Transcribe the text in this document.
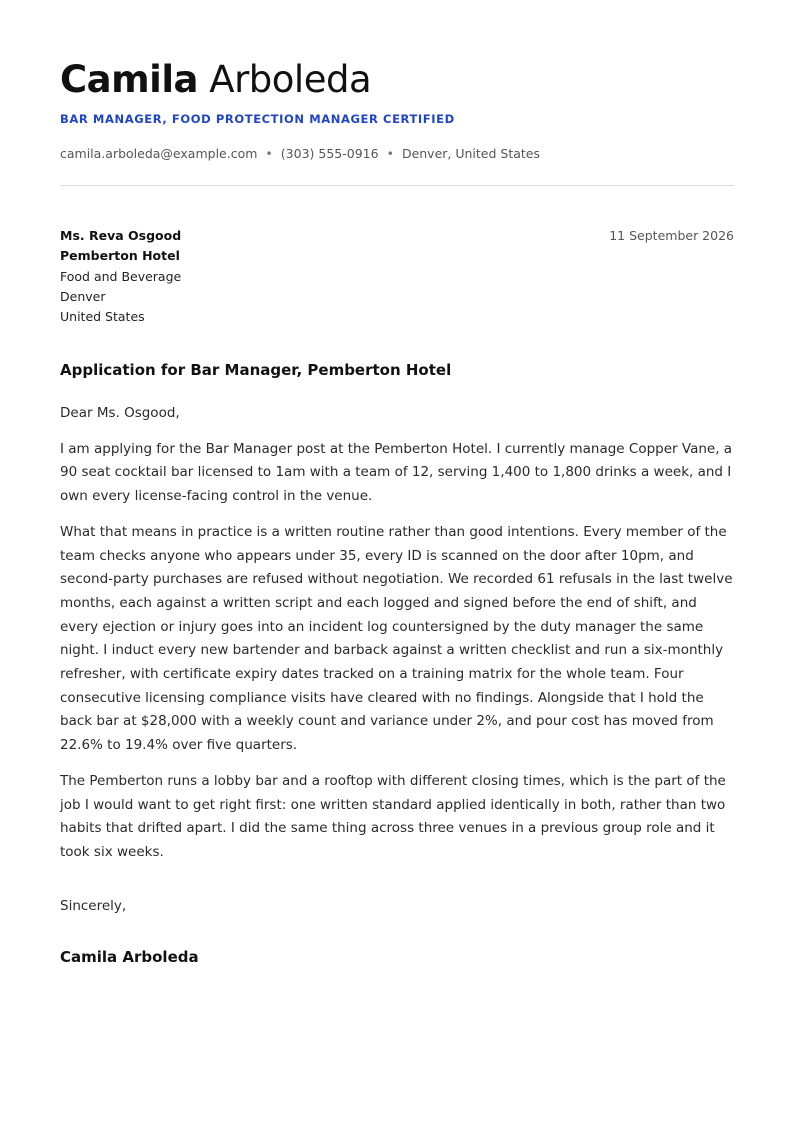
Camila Arboleda
BAR MANAGER, FOOD PROTECTION MANAGER CERTIFIED
camila.arboleda@example.com • (303) 555-0916 • Denver, United States
Ms. Reva Osgood
Pemberton Hotel
Food and Beverage
Denver
United States
11 September 2026
Application for Bar Manager, Pemberton Hotel

Dear Ms. Osgood,

I am applying for the Bar Manager post at the Pemberton Hotel. I currently manage Copper Vane, a 90 seat cocktail bar licensed to 1am with a team of 12, serving 1,400 to 1,800 drinks a week, and I own every license-facing control in the venue.

What that means in practice is a written routine rather than good intentions. Every member of the team checks anyone who appears under 35, every ID is scanned on the door after 10pm, and second-party purchases are refused without negotiation. We recorded 61 refusals in the last twelve months, each against a written script and each logged and signed before the end of shift, and every ejection or injury goes into an incident log countersigned by the duty manager the same night. I induct every new bartender and barback against a written checklist and run a six-monthly refresher, with certificate expiry dates tracked on a training matrix for the whole team. Four consecutive licensing compliance visits have cleared with no findings. Alongside that I hold the back bar at $28,000 with a weekly count and variance under 2%, and pour cost has moved from 22.6% to 19.4% over five quarters.

The Pemberton runs a lobby bar and a rooftop with different closing times, which is the part of the job I would want to get right first: one written standard applied identically in both, rather than two habits that drifted apart. I did the same thing across three venues in a previous group role and it took six weeks.

Sincerely,
Camila Arboleda
